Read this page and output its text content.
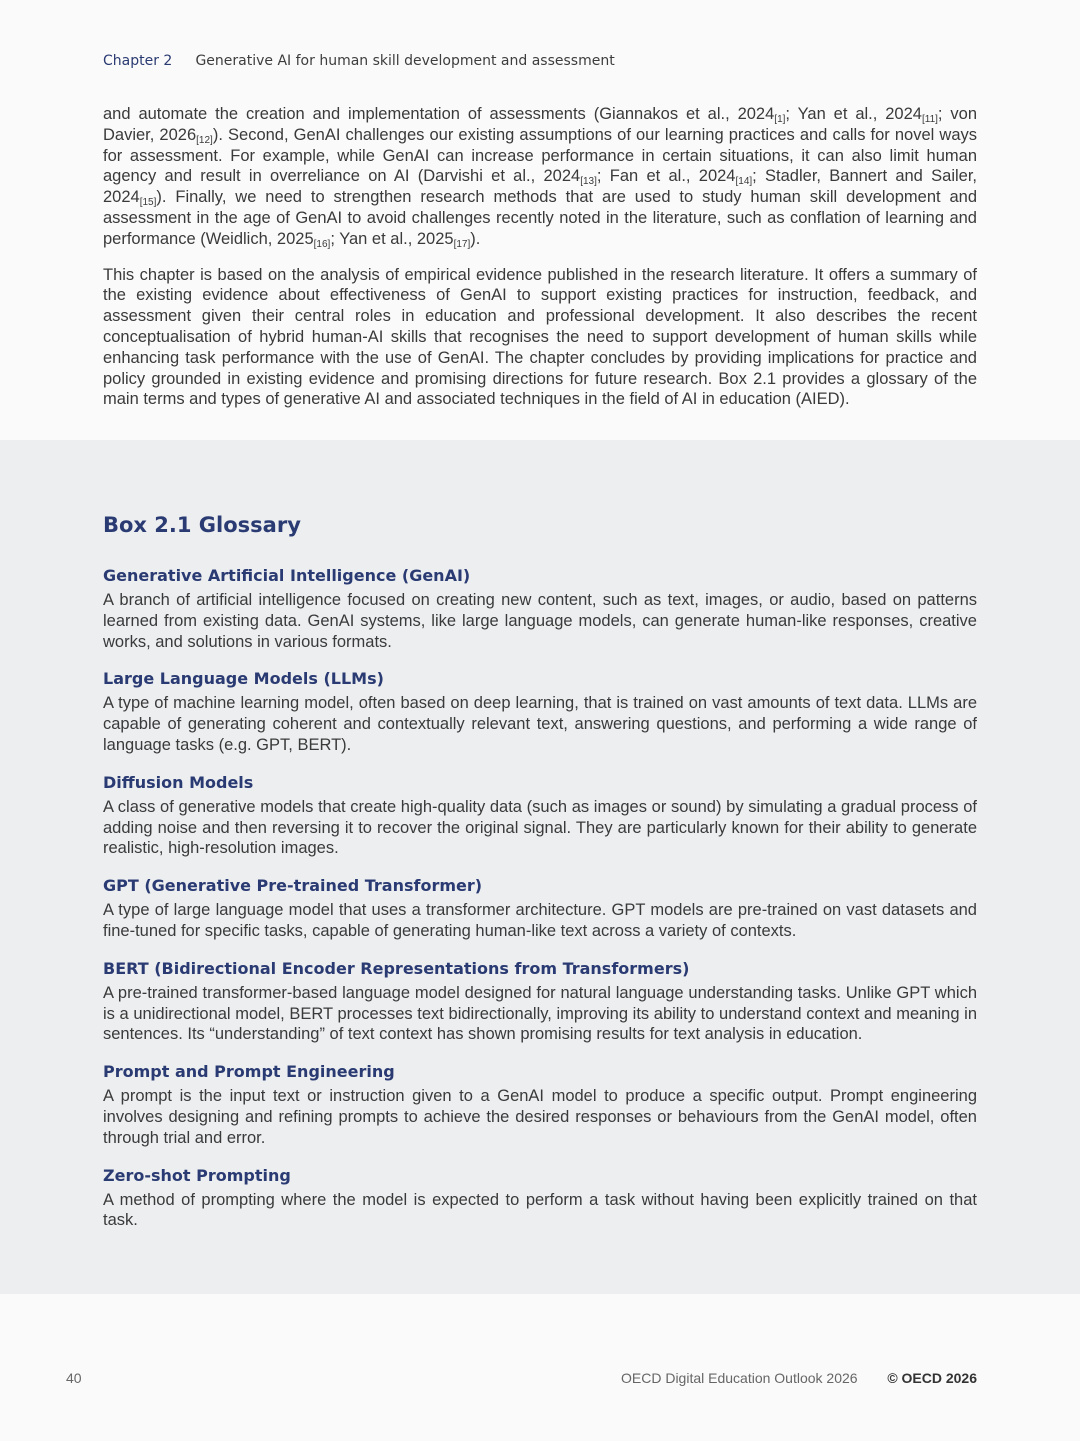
Chapter 2 Generative AI for human skill development and assessment

and automate the creation and implementation of assessments (Giannakos et al., $2024_{[1]}$; Yan et al., $2024_{[11]}$; von Davier, $2026_{[12]}$). Second, GenAI challenges our existing assumptions of our learning practices and calls for novel ways for assessment. For example, while GenAI can increase performance in certain situations, it can also limit human agency and result in overreliance on AI (Darvishi et al., $2024_{[13]}$; Fan et al., $2024_{[14]}$; Stadler, Bannert and Sailer, $2024_{[15]}$). Finally, we need to strengthen research methods that are used to study human skill development and assessment in the age of GenAI to avoid challenges recently noted in the literature, such as conflation of learning and performance (Weidlich, $2025_{[16]}$; Yan et al., $2025_{[17]}$).

This chapter is based on the analysis of empirical evidence published in the research literature. It offers a summary of the existing evidence about effectiveness of GenAI to support existing practices for instruction, feedback, and assessment given their central roles in education and professional development. It also describes the recent conceptualisation of hybrid human-AI skills that recognises the need to support development of human skills while enhancing task performance with the use of GenAI. The chapter concludes by providing implications for practice and policy grounded in existing evidence and promising directions for future research. Box 2.1 provides a glossary of the main terms and types of generative AI and associated techniques in the field of AI in education (AIED).

Box 2.1 Glossary

Generative Artificial Intelligence (GenAI)

A branch of artificial intelligence focused on creating new content, such as text, images, or audio, based on patterns learned from existing data. GenAI systems, like large language models, can generate human-like responses, creative works, and solutions in various formats.

Large Language Models (LLMs)

A type of machine learning model, often based on deep learning, that is trained on vast amounts of text data. LLMs are capable of generating coherent and contextually relevant text, answering questions, and performing a wide range of language tasks (e.g. GPT, BERT).

Diffusion Models

A class of generative models that create high-quality data (such as images or sound) by simulating a gradual process of adding noise and then reversing it to recover the original signal. They are particularly known for their ability to generate realistic, high-resolution images.

GPT (Generative Pre-trained Transformer)

A type of large language model that uses a transformer architecture. GPT models are pre-trained on vast datasets and fine-tuned for specific tasks, capable of generating human-like text across a variety of contexts.

BERT (Bidirectional Encoder Representations from Transformers)

A pre-trained transformer-based language model designed for natural language understanding tasks. Unlike GPT which is a unidirectional model, BERT processes text bidirectionally, improving its ability to understand context and meaning in sentences. Its “understanding” of text context has shown promising results for text analysis in education.

Prompt and Prompt Engineering

A prompt is the input text or instruction given to a GenAI model to produce a specific output. Prompt engineering involves designing and refining prompts to achieve the desired responses or behaviours from the GenAI model, often through trial and error.

Zero-shot Prompting

A method of prompting where the model is expected to perform a task without having been explicitly trained on that task.

40	OECD Digital Education Outlook 2026 © OECD 2026
